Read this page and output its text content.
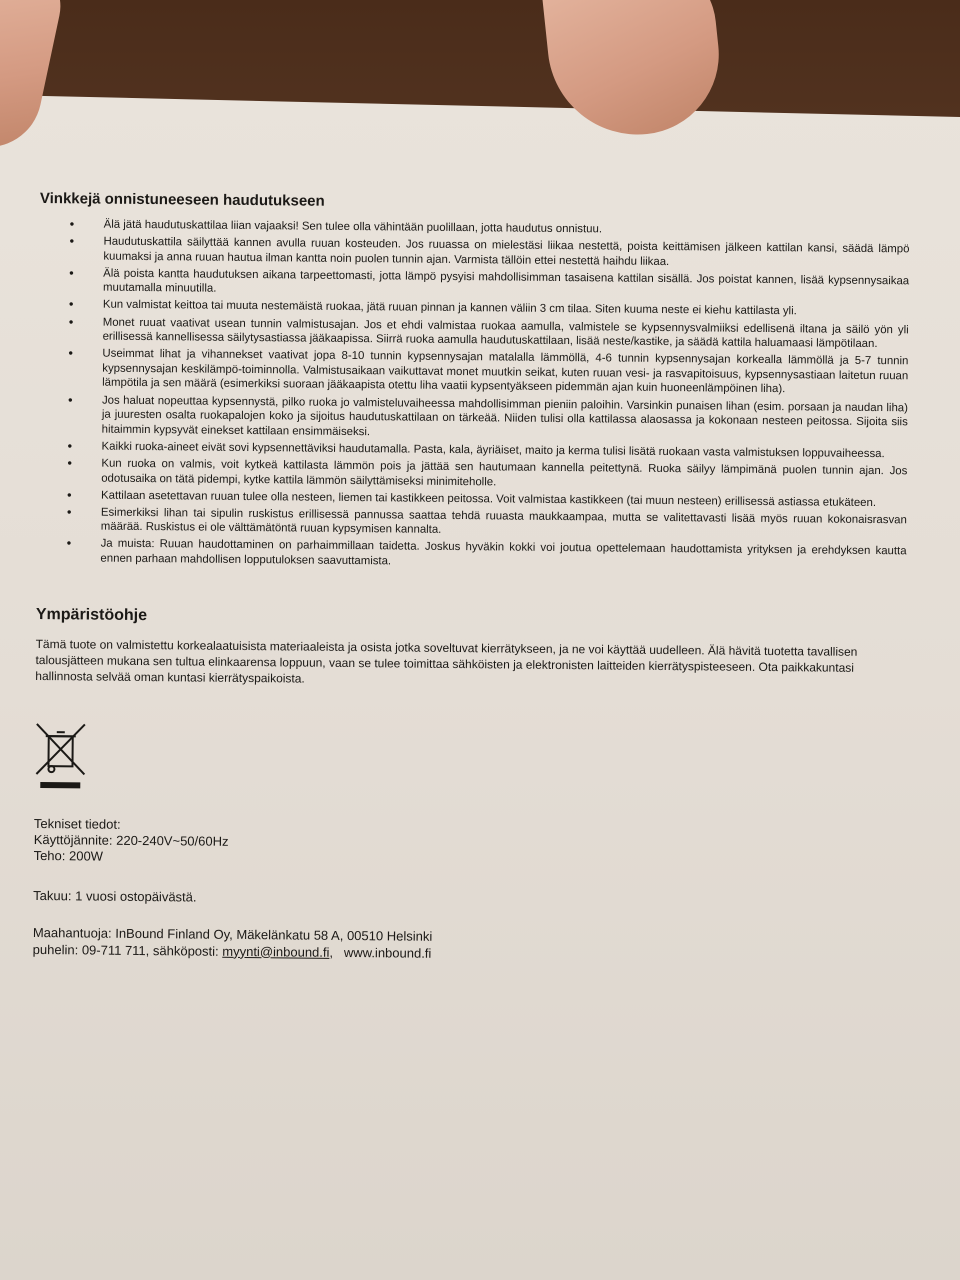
Vinkkejä onnistuneeseen haudutukseen
• Älä jätä haudutuskattilaa liian vajaaksi! Sen tulee olla vähintään puolillaan, jotta haudutus onnistuu.
• Haudutuskattila säilyttää kannen avulla ruuan kosteuden. Jos ruuassa on mielestäsi liikaa nestettä, poista keittämisen jälkeen kattilan kansi, säädä lämpö kuumaksi ja anna ruuan hautua ilman kantta noin puolen tunnin ajan. Varmista tällöin ettei nestettä haihdu liikaa.
• Älä poista kantta haudutuksen aikana tarpeettomasti, jotta lämpö pysyisi mahdollisimman tasaisena kattilan sisällä. Jos poistat kannen, lisää kypsennysaikaa muutamalla minuutilla.
• Kun valmistat keittoa tai muuta nestemäistä ruokaa, jätä ruuan pinnan ja kannen väliin 3 cm tilaa. Siten kuuma neste ei kiehu kattilasta yli.
• Monet ruuat vaativat usean tunnin valmistusajan. Jos et ehdi valmistaa ruokaa aamulla, valmistele se kypsennysvalmiiksi edellisenä iltana ja säilö yön yli erillisessä kannellisessa säilytysastiassa jääkaapissa. Siirrä ruoka aamulla haudutuskattilaan, lisää neste/kastike, ja säädä kattila haluamaasi lämpötilaan.
• Useimmat lihat ja vihannekset vaativat jopa 8-10 tunnin kypsennysajan matalalla lämmöllä, 4-6 tunnin kypsennysajan korkealla lämmöllä ja 5-7 tunnin kypsennysajan keskilämpö-toiminnolla. Valmistusaikaan vaikuttavat monet muutkin seikat, kuten ruuan vesi- ja rasvapitoisuus, kypsennysastiaan laitetun ruuan lämpötila ja sen määrä (esimerkiksi suoraan jääkaapista otettu liha vaatii kypsentyäkseen pidemmän ajan kuin huoneenlämpöinen liha).
• Jos haluat nopeuttaa kypsennystä, pilko ruoka jo valmisteluvaiheessa mahdollisimman pieniin paloihin. Varsinkin punaisen lihan (esim. porsaan ja naudan liha) ja juuresten osalta ruokapalojen koko ja sijoitus haudutuskattilaan on tärkeää. Niiden tulisi olla kattilassa alaosassa ja kokonaan nesteen peitossa. Sijoita siis hitaimmin kypsyvät einekset kattilaan ensimmäiseksi.
• Kaikki ruoka-aineet eivät sovi kypsennettäviksi haudutamalla. Pasta, kala, äyriäiset, maito ja kerma tulisi lisätä ruokaan vasta valmistuksen loppuvaiheessa.
• Kun ruoka on valmis, voit kytkeä kattilasta lämmön pois ja jättää sen hautumaan kannella peitettynä. Ruoka säilyy lämpimänä puolen tunnin ajan. Jos odotusaika on tätä pidempi, kytke kattila lämmön säilyttämiseksi minimiteholle.
• Kattilaan asetettavan ruuan tulee olla nesteen, liemen tai kastikkeen peitossa. Voit valmistaa kastikkeen (tai muun nesteen) erillisessä astiassa etukäteen.
• Esimerkiksi lihan tai sipulin ruskistus erillisessä pannussa saattaa tehdä ruuasta maukkaampaa, mutta se valitettavasti lisää myös ruuan kokonaisrasvan määrää. Ruskistus ei ole välttämätöntä ruuan kypsymisen kannalta.
• Ja muista: Ruuan haudottaminen on parhaimmillaan taidetta. Joskus hyväkin kokki voi joutua opettelemaan haudottamista yrityksen ja erehdyksen kautta ennen parhaan mahdollisen lopputuloksen saavuttamista.
Ympäristöohje

Tämä tuote on valmistettu korkealaatuisista materiaaleista ja osista jotka soveltuvat kierrätykseen, ja ne voi käyttää uudelleen. Älä hävitä tuotetta tavallisen talousjätteen mukana sen tultua elinkaarensa loppuun, vaan se tulee toimittaa sähköisten ja elektronisten laitteiden kierrätyspisteeseen. Ota paikkakuntasi hallinnosta selvää oman kuntasi kierrätyspaikoista.

Tekniset tiedot:
Käyttöjännite: 220-240V~50/60Hz
Teho: 200W
Takuu: 1 vuosi ostopäivästä.
Maahantuoja: InBound Finland Oy, Mäkelänkatu 58 A, 00510 Helsinki
puhelin: 09-711 711, sähköposti: myynti@inbound.fi, www.inbound.fi
